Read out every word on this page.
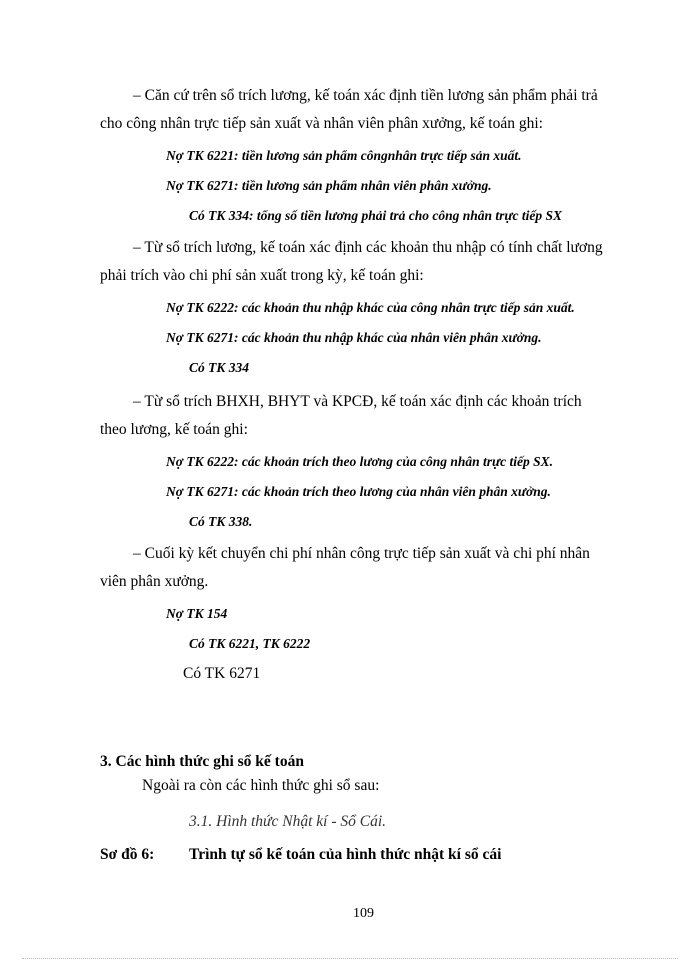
– Căn cứ trên sổ trích lương, kế toán xác định tiền lương sản phẩm phải trả
cho công nhân trực tiếp sản xuất và nhân viên phân xưởng, kế toán ghi:
Nợ TK 6221: tiền lương sản phẩm côngnhân trực tiếp sản xuất.
Nợ TK 6271: tiền lương sản phẩm nhân viên phân xưởng.
Có TK 334: tổng số tiền lương phải trả cho công nhân trực tiếp SX
– Từ sổ trích lương, kế toán xác định các khoản thu nhập có tính chất lương
phải trích vào chi phí sản xuất trong kỳ, kế toán ghi:
Nợ TK 6222: các khoản thu nhập khác của công nhân trực tiếp sản xuất.
Nợ TK 6271: các khoản thu nhập khác của nhân viên phân xưởng.
Có TK 334
– Từ sổ trích BHXH, BHYT và KPCĐ, kế toán xác định các khoản trích
theo lương, kế toán ghi:
Nợ TK 6222: các khoản trích theo lương của công nhân trực tiếp SX.
Nợ TK 6271: các khoản trích theo lương của nhân viên phân xưởng.
Có TK 338.
– Cuối kỳ kết chuyển chi phí nhân công trực tiếp sản xuất và chi phí nhân
viên phân xưởng.
Nợ TK 154
Có TK 6221, TK 6222
Có TK 6271
3. Các hình thức ghi sổ kế toán
Ngoài ra còn các hình thức ghi sổ sau:
3.1. Hình thức Nhật kí - Sổ Cái.
Sơ đồ 6: Trình tự sổ kế toán của hình thức nhật kí sổ cái
109
